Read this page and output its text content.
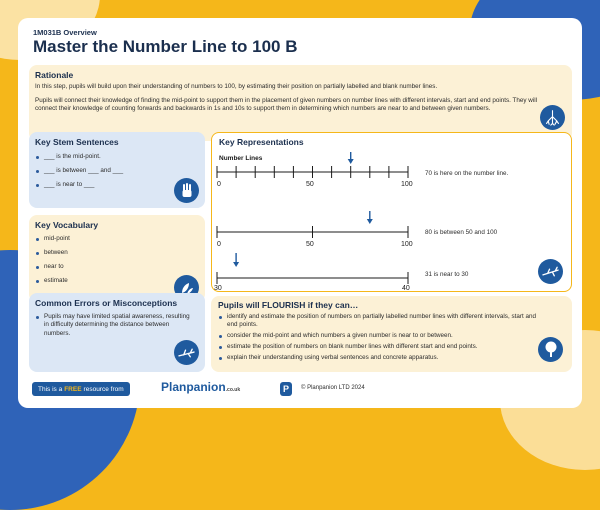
1M031B Overview
Master the Number Line to 100 B
Rationale
In this step, pupils will build upon their understanding of numbers to 100, by estimating their position on partially labelled and blank number lines.
Pupils will connect their knowledge of finding the mid-point to support them in the placement of given numbers on number lines with different intervals, start and end points. They will connect their knowledge of counting forwards and backwards in 1s and 10s to support them in determining which numbers are near to and between given numbers.
Key Stem Sentences
___ is the mid-point.
___ is between ___ and ___
___ is near to ___
Key Vocabulary
mid-point
between
near to
estimate
Common Errors or Misconceptions
Pupils may have limited spatial awareness, resulting in difficulty determining the distance between numbers.
Key Representations
Number Lines
0	50	100
70 is here on the number line.
0	50	100
80 is between 50 and 100
30	40
31 is near to 30
Pupils will FLOURISH if they can…
identify and estimate the position of numbers on partially labelled number lines with different intervals, start and end points.
consider the mid-point and which numbers a given number is near to or between.
estimate the position of numbers on blank number lines with different start and end points.
explain their understanding using verbal sentences and concrete apparatus.
This is a FREE resource from	Planpanion.co.uk	P	© Planpanion LTD 2024
